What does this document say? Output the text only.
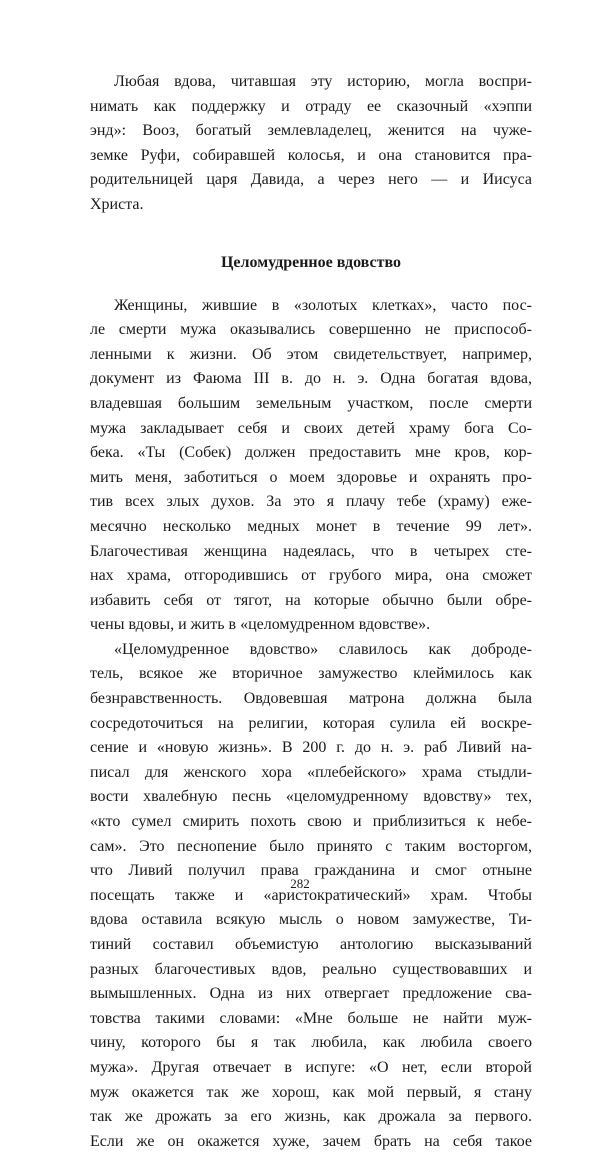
Любая вдова, читавшая эту историю, могла воспри-
нимать как поддержку и отраду ее сказочный «хэппи
энд»: Вооз, богатый землевладелец, женится на чуже-
земке Руфи, собиравшей колосья, и она становится пра-
родительницей царя Давида, а через него — и Иисуса
Христа.
Целомудренное вдовство
Женщины, жившие в «золотых клетках», часто пос-
ле смерти мужа оказывались совершенно не приспособ-
ленными к жизни. Об этом свидетельствует, например,
документ из Фаюма III в. до н. э. Одна богатая вдова,
владевшая большим земельным участком, после смерти
мужа закладывает себя и своих детей храму бога Со-
бека. «Ты (Собек) должен предоставить мне кров, кор-
мить меня, заботиться о моем здоровье и охранять про-
тив всех злых духов. За это я плачу тебе (храму) еже-
месячно несколько медных монет в течение 99 лет».
Благочестивая женщина надеялась, что в четырех сте-
нах храма, отгородившись от грубого мира, она сможет
избавить себя от тягот, на которые обычно были обре-
чены вдовы, и жить в «целомудренном вдовстве».
«Целомудренное вдовство» славилось как доброде-
тель, всякое же вторичное замужество клеймилось как
безнравственность. Овдовевшая матрона должна была
сосредоточиться на религии, которая сулила ей воскре-
сение и «новую жизнь». В 200 г. до н. э. раб Ливий на-
писал для женского хора «плебейского» храма стыдли-
вости хвалебную песнь «целомудренному вдовству» тех,
«кто сумел смирить похоть свою и приблизиться к небе-
сам». Это песнопение было принято с таким восторгом,
что Ливий получил права гражданина и смог отныне
посещать также и «аристократический» храм. Чтобы
вдова оставила всякую мысль о новом замужестве, Ти-
тиний составил объемистую антологию высказываний
разных благочестивых вдов, реально существовавших и
вымышленных. Одна из них отвергает предложение сва-
товства такими словами: «Мне больше не найти муж-
чину, которого бы я так любила, как любила своего
мужа». Другая отвечает в испуге: «О нет, если второй
муж окажется так же хорош, как мой первый, я стану
так же дрожать за его жизнь, как дрожала за первого.
Если же он окажется хуже, зачем брать на себя такое
282
